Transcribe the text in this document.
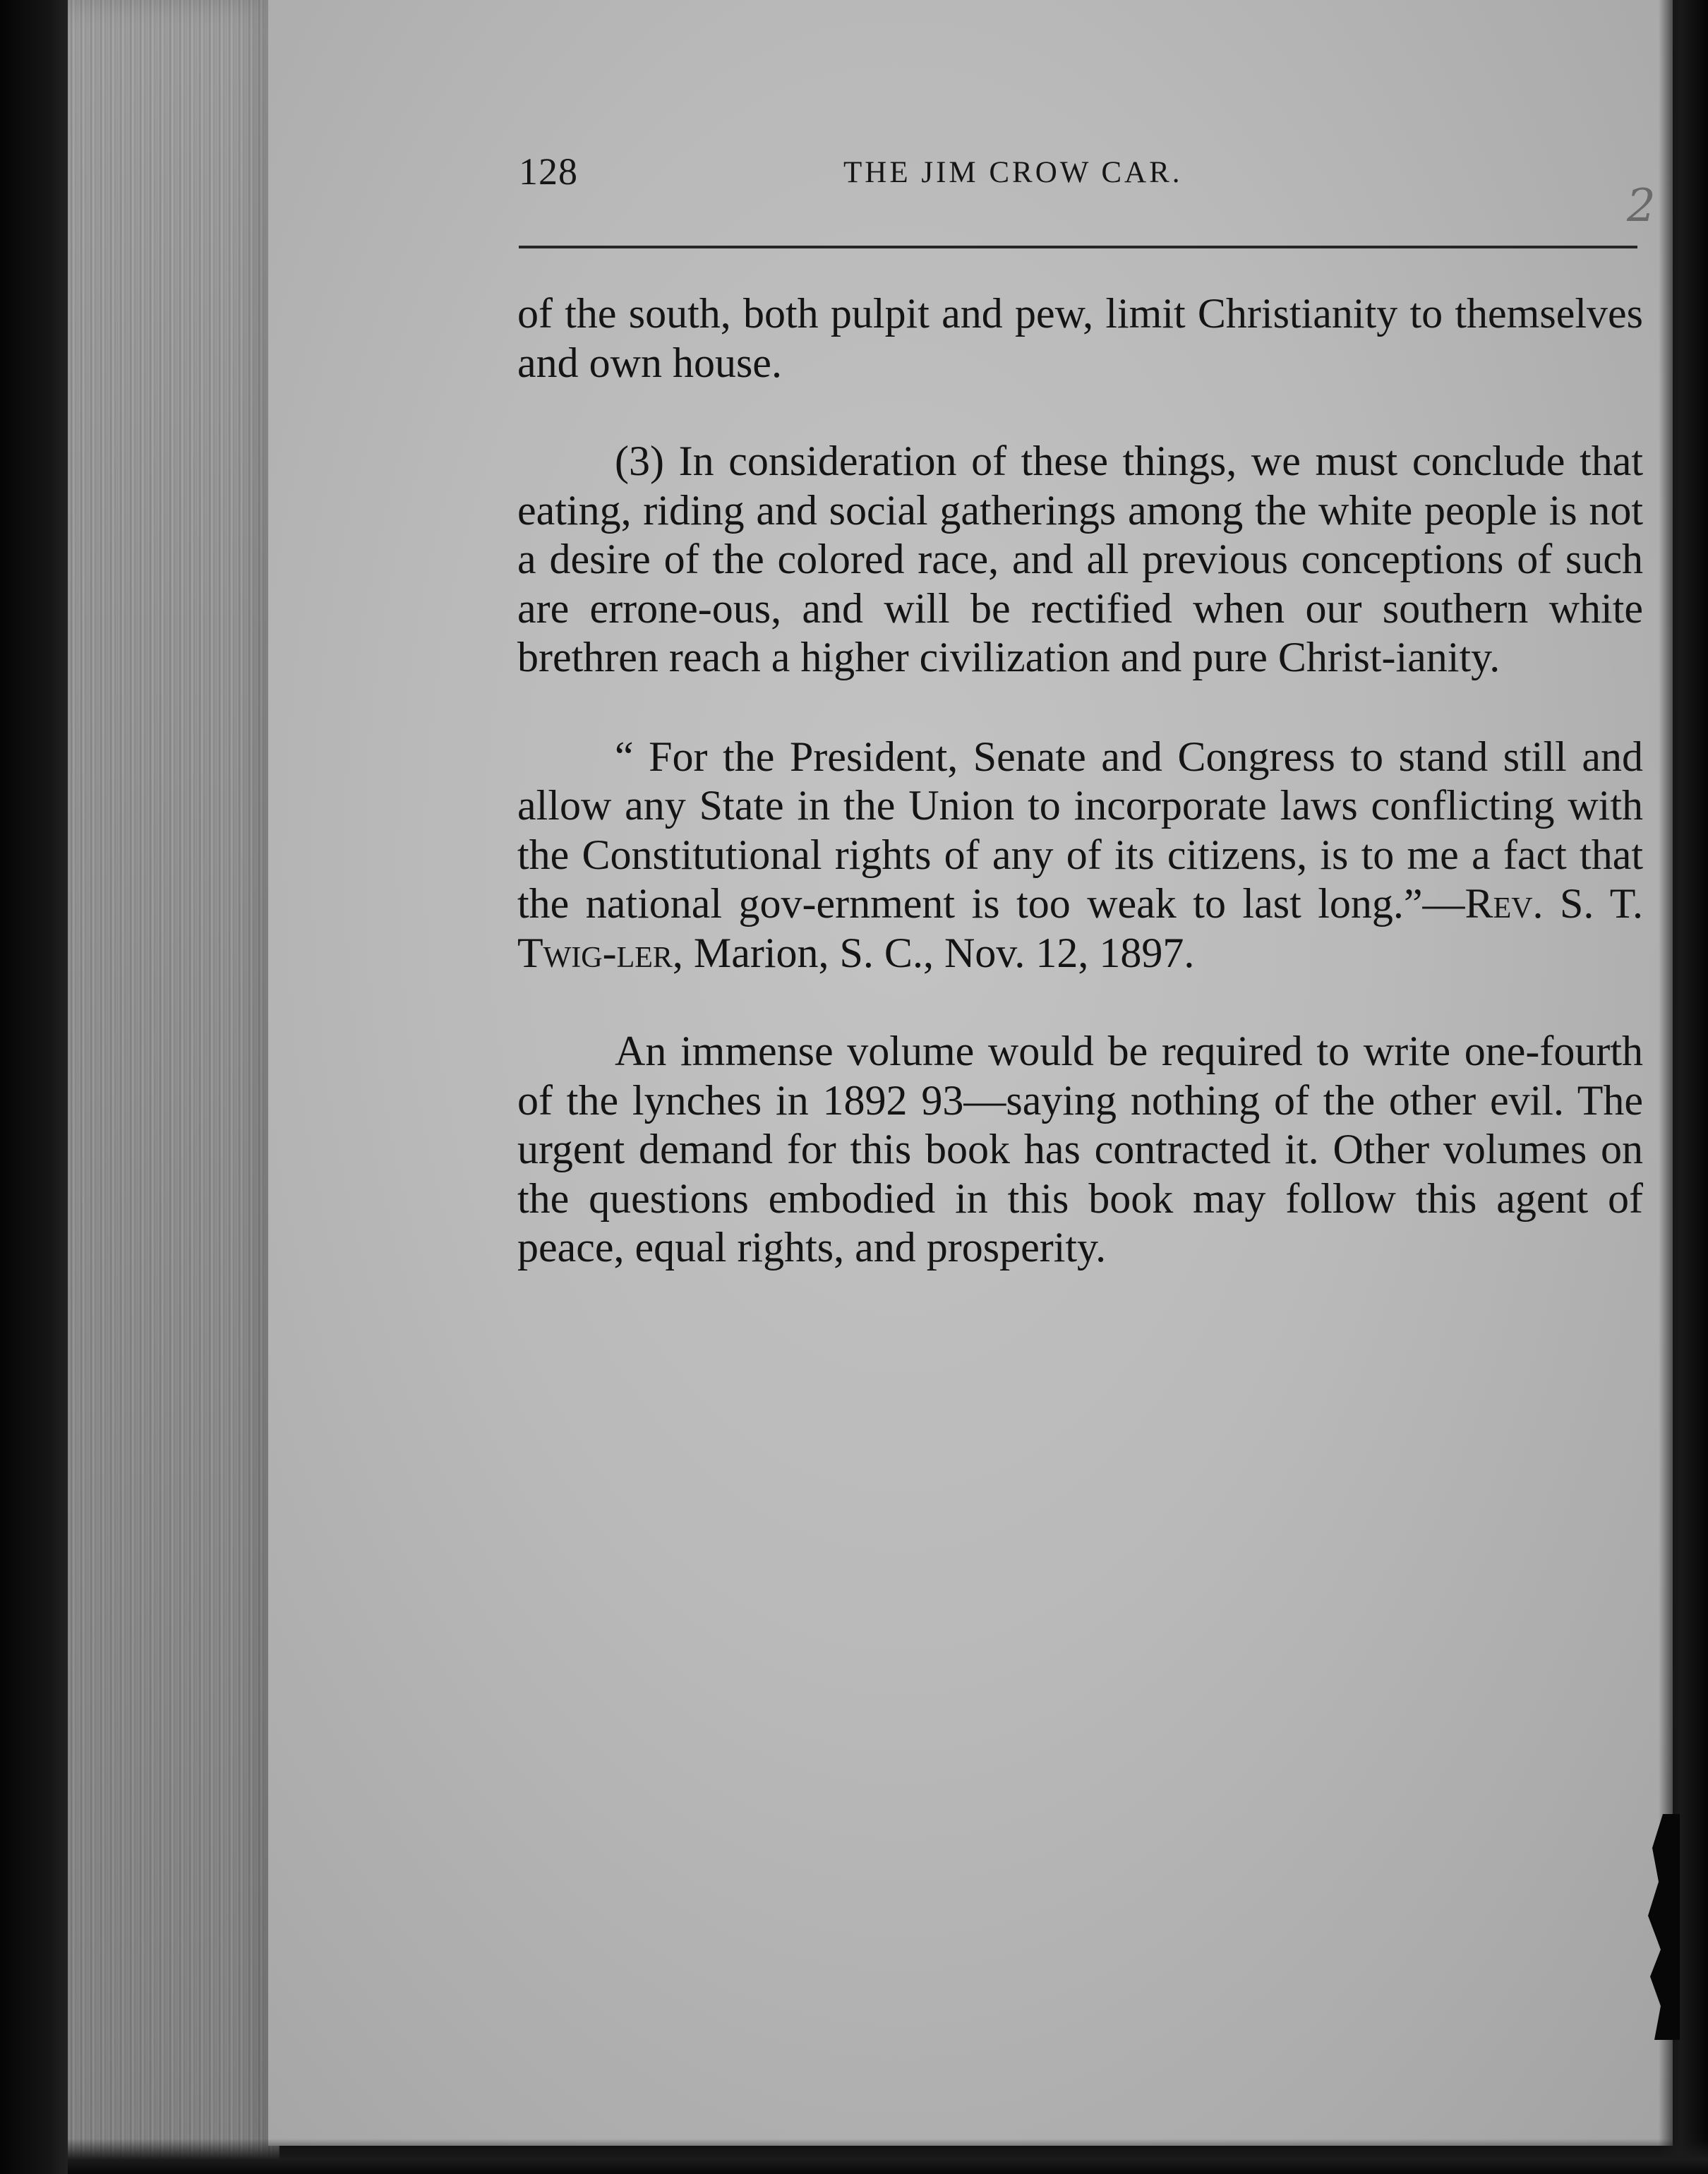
128	THE JIM CROW CAR.
2

of the south, both pulpit and pew, limit Christianity to themselves and own house.

(3) In consideration of these things, we must conclude that eating, riding and social gatherings among the white people is not a desire of the colored race, and all previous conceptions of such are errone-ous, and will be rectified when our southern white brethren reach a higher civilization and pure Christ-ianity.

“ For the President, Senate and Congress to stand still and allow any State in the Union to incorporate laws conflicting with the Constitutional rights of any of its citizens, is to me a fact that the national gov-ernment is too weak to last long.”—Rev. S. T. Twig-ler, Marion, S. C., Nov. 12, 1897.

An immense volume would be required to write one-fourth of the lynches in 1892 93—saying nothing of the other evil. The urgent demand for this book has contracted it. Other volumes on the questions embodied in this book may follow this agent of peace, equal rights, and prosperity.
